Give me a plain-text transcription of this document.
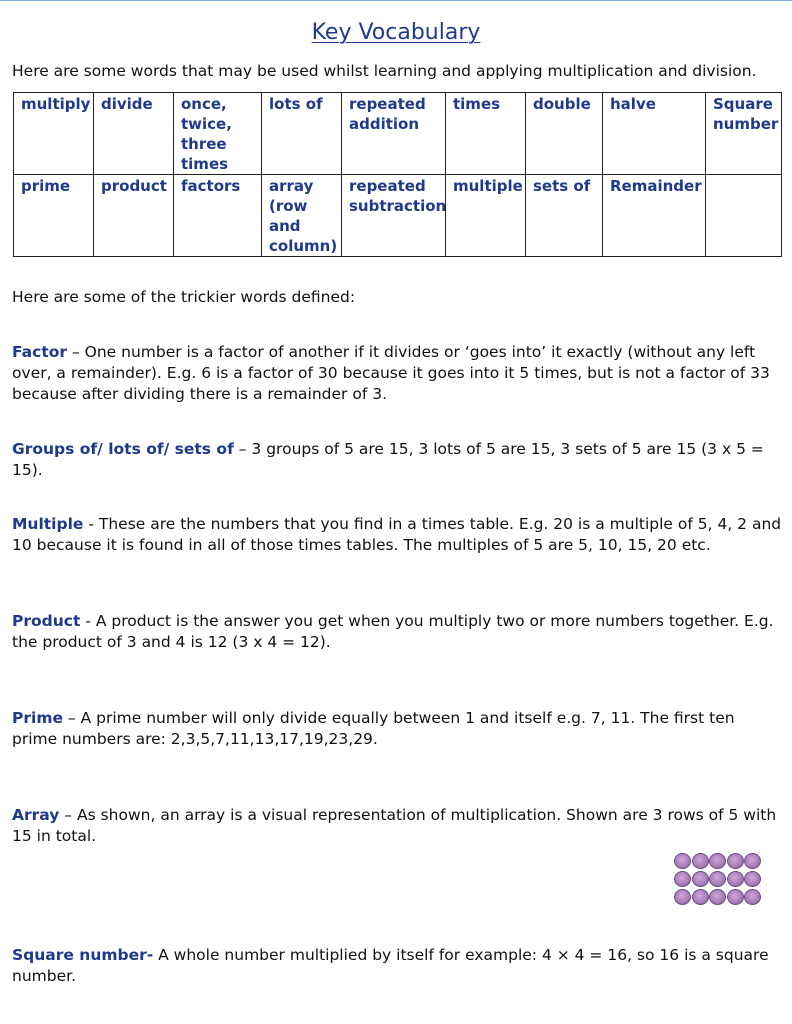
Key Vocabulary
Here are some words that may be used whilst learning and applying multiplication and division.
multiply	divide	once, twice, three times	lots of	repeated addition	times	double	halve	Square number
prime	product	factors	array (row and column)	repeated subtraction	multiple	sets of	Remainder	
Here are some of the trickier words defined:
Factor – One number is a factor of another if it divides or ‘goes into’ it exactly (without any left over, a remainder). E.g. 6 is a factor of 30 because it goes into it 5 times, but is not a factor of 33 because after dividing there is a remainder of 3.
Groups of/ lots of/ sets of – 3 groups of 5 are 15, 3 lots of 5 are 15, 3 sets of 5 are 15 (3 x 5 = 15).
Multiple - These are the numbers that you find in a times table. E.g. 20 is a multiple of 5, 4, 2 and 10 because it is found in all of those times tables. The multiples of 5 are 5, 10, 15, 20 etc.
Product - A product is the answer you get when you multiply two or more numbers together. E.g. the product of 3 and 4 is 12 (3 x 4 = 12).
Prime – A prime number will only divide equally between 1 and itself e.g. 7, 11. The first ten prime numbers are: 2,3,5,7,11,13,17,19,23,29.
Array – As shown, an array is a visual representation of multiplication. Shown are 3 rows of 5 with 15 in total.
Square number- A whole number multiplied by itself for example: 4 × 4 = 16, so 16 is a square number.
